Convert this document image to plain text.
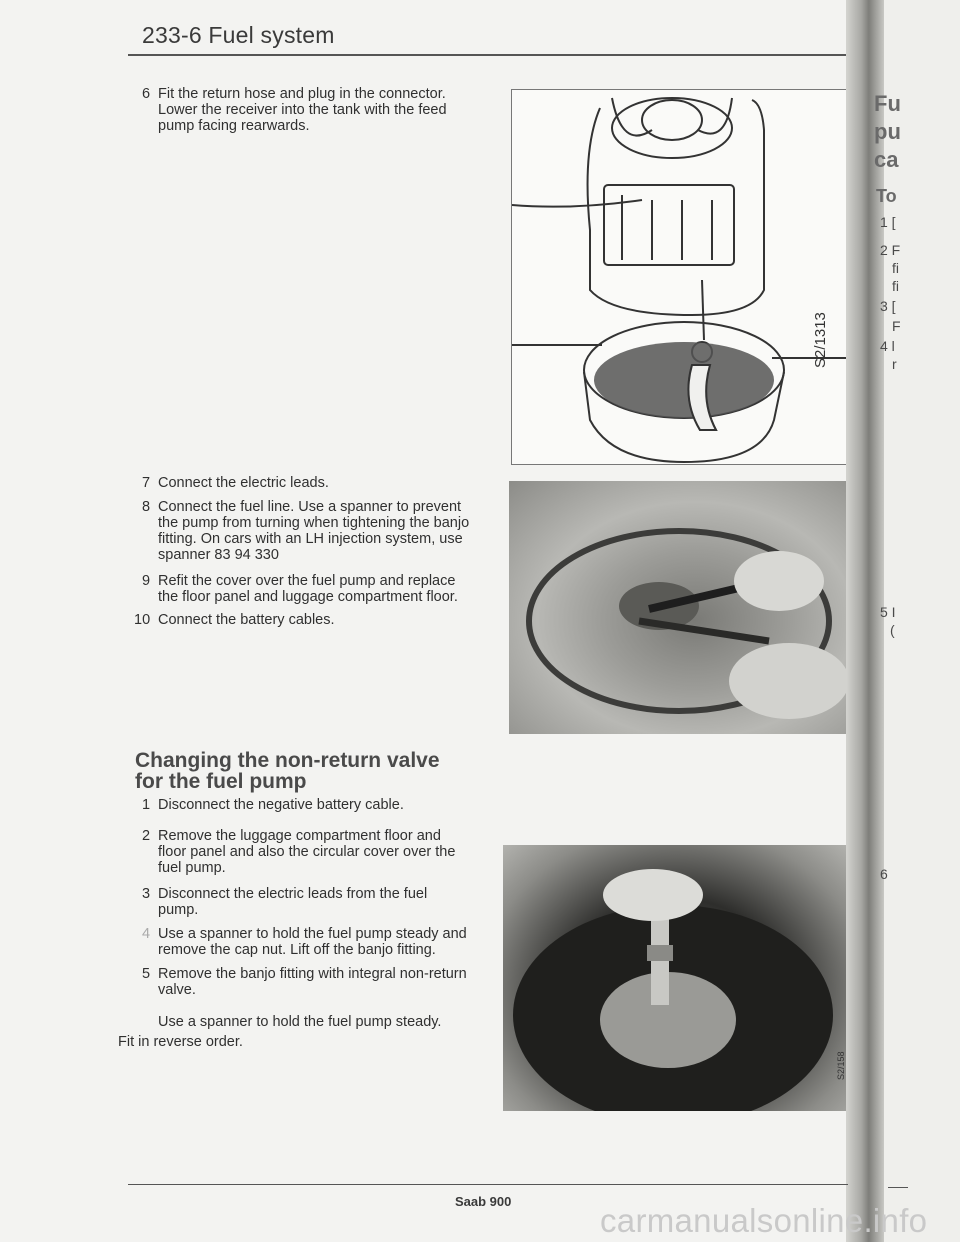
233-6 Fuel system
6 Fit the return hose and plug in the connector.
Lower the receiver into the tank with the feed
pump facing rearwards.
7 Connect the electric leads.
8 Connect the fuel line. Use a spanner to prevent
the pump from turning when tightening the banjo
fitting. On cars with an LH injection system, use
spanner 83 94 330
9 Refit the cover over the fuel pump and replace
the floor panel and luggage compartment floor.
10 Connect the battery cables.
Changing the non-return valve
for the fuel pump
1 Disconnect the negative battery cable.
2 Remove the luggage compartment floor and
floor panel and also the circular cover over the
fuel pump.
3 Disconnect the electric leads from the fuel
pump.
4 Use a spanner to hold the fuel pump steady and
remove the cap nut. Lift off the banjo fitting.
5 Remove the banjo fitting with integral non-return
valve.
Use a spanner to hold the fuel pump steady.
Fit in reverse order.
S2/1313
S2/158
Fu
pu
ca
To
1 [
2 F
fi
fi
3 [
F
4 l
r
5 I
(
6
Saab 900
carmanualsonline.info
